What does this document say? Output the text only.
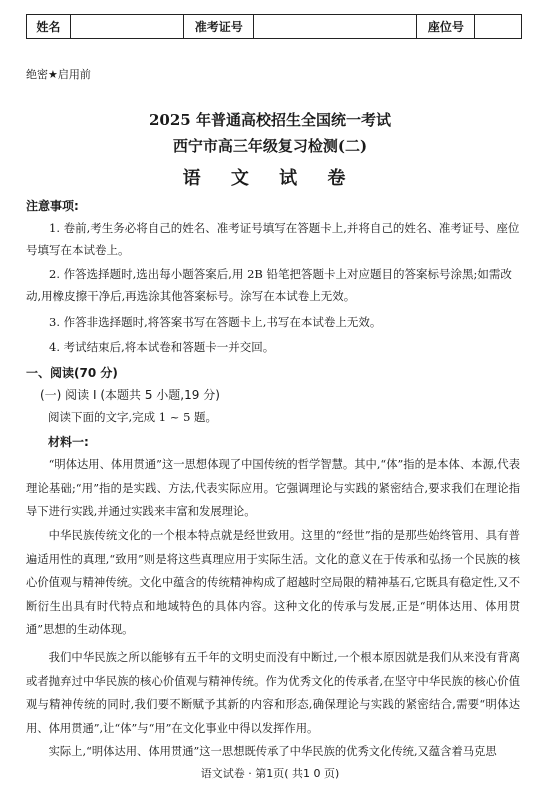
姓名	准考证号	座位号
绝密★启用前
2025 年普通高校招生全国统一考试
西宁市高三年级复习检测(二)
语 文 试 卷
注意事项:
1. 卷前,考生务必将自己的姓名、准考证号填写在答题卡上,并将自己的姓名、准考证号、座位号填写在本试卷上。
2. 作答选择题时,选出每小题答案后,用 2B 铅笔把答题卡上对应题目的答案标号涂黑;如需改动,用橡皮擦干净后,再选涂其他答案标号。涂写在本试卷上无效。
3. 作答非选择题时,将答案书写在答题卡上,书写在本试卷上无效。
4. 考试结束后,将本试卷和答题卡一并交回。
一、阅读(70 分)
(一) 阅读 I (本题共 5 小题,19 分)
阅读下面的文字,完成 1 ~ 5 题。
材料一:
“明体达用、体用贯通”这一思想体现了中国传统的哲学智慧。其中,“体”指的是本体、本源,代表理论基础;“用”指的是实践、方法,代表实际应用。它强调理论与实践的紧密结合,要求我们在理论指导下进行实践,并通过实践来丰富和发展理论。
中华民族传统文化的一个根本特点就是经世致用。这里的“经世”指的是那些始终管用、具有普遍适用性的真理,“致用”则是将这些真理应用于实际生活。文化的意义在于传承和弘扬一个民族的核心价值观与精神传统。文化中蕴含的传统精神构成了超越时空局限的精神基石,它既具有稳定性,又不断衍生出具有时代特点和地域特色的具体内容。这种文化的传承与发展,正是“明体达用、体用贯通”思想的生动体现。
我们中华民族之所以能够有五千年的文明史而没有中断过,一个根本原因就是我们从来没有背离或者抛弃过中华民族的核心价值观与精神传统。作为优秀文化的传承者,在坚守中华民族的核心价值观与精神传统的同时,我们要不断赋予其新的内容和形态,确保理论与实践的紧密结合,需要“明体达用、体用贯通”,让“体”与“用”在文化事业中得以发挥作用。
实际上,“明体达用、体用贯通”这一思想既传承了中华民族的优秀文化传统,又蕴含着马克思
语文试卷 · 第1页( 共1 0 页)
